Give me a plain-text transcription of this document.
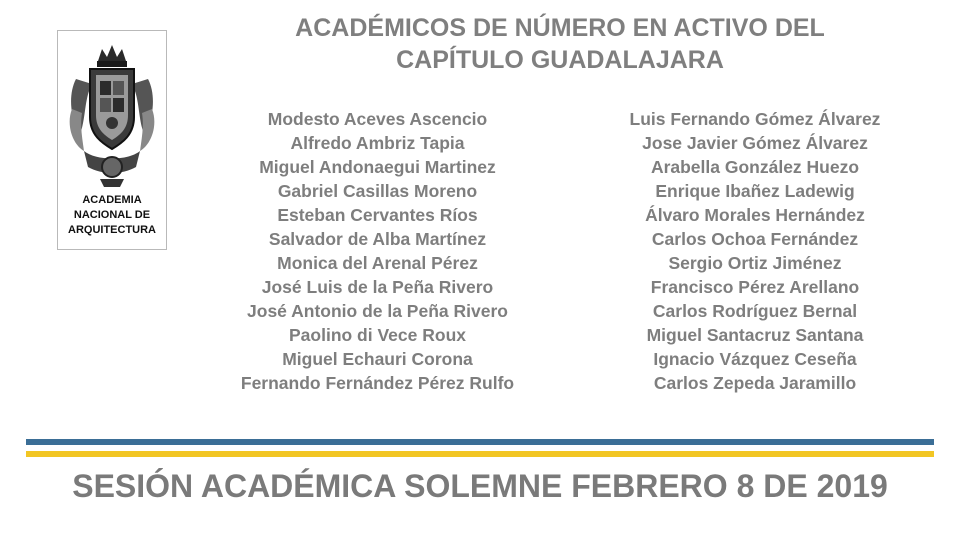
ACADEMIA
NACIONAL DE
ARQUITECTURA
ACADÉMICOS DE NÚMERO EN ACTIVO DEL
CAPÍTULO GUADALAJARA
Modesto Aceves Ascencio
Alfredo Ambriz Tapia
Miguel Andonaegui Martinez
Gabriel Casillas Moreno
Esteban Cervantes Ríos
Salvador de Alba Martínez
Monica del Arenal Pérez
José Luis de la Peña Rivero
José Antonio de la Peña Rivero
Paolino di Vece Roux
Miguel Echauri Corona
Fernando Fernández Pérez Rulfo
Luis Fernando Gómez Álvarez
Jose Javier Gómez Álvarez
Arabella González Huezo
Enrique Ibañez Ladewig
Álvaro Morales Hernández
Carlos Ochoa Fernández
Sergio Ortiz Jiménez
Francisco Pérez Arellano
Carlos Rodríguez Bernal
Miguel Santacruz Santana
Ignacio Vázquez Ceseña
Carlos Zepeda Jaramillo

SESIÓN ACADÉMICA SOLEMNE FEBRERO 8 DE 2019
